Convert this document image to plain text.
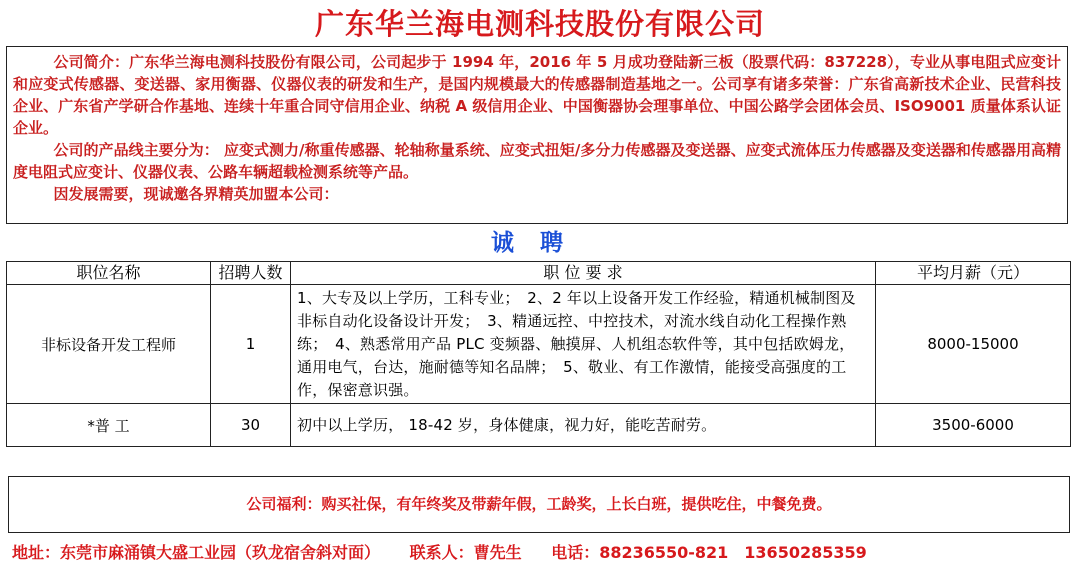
广东华兰海电测科技股份有限公司

公司简介：广东华兰海电测科技股份有限公司，公司起步于 1994 年，2016 年 5 月成功登陆新三板（股票代码：837228），专业从事电阻式应变计和应变式传感器、变送器、家用衡器、仪器仪表的研发和生产，是国内规模最大的传感器制造基地之一。公司享有诸多荣誉：广东省高新技术企业、民营科技企业、广东省产学研合作基地、连续十年重合同守信用企业、纳税 A 级信用企业、中国衡器协会理事单位、中国公路学会团体会员、ISO9001 质量体系认证企业。

公司的产品线主要分为： 应变式测力/称重传感器、轮轴称量系统、应变式扭矩/多分力传感器及变送器、应变式流体压力传感器及变送器和传感器用高精度电阻式应变计、仪器仪表、公路车辆超载检测系统等产品。

因发展需要，现诚邀各界精英加盟本公司：

诚聘
职位名称	招聘人数	职 位 要 求	平均月薪（元）
非标设备开发工程师	1	1、大专及以上学历，工科专业；　2、2 年以上设备开发工作经验，精通机械制图及非标自动化设备设计开发；　3、精通远控、中控技术，对流水线自动化工程操作熟练；　4、熟悉常用产品 PLC 变频器、触摸屏、人机组态软件等，其中包括欧姆龙，通用电气，台达，施耐德等知名品牌；　5、敬业、有工作激情，能接受高强度的工作，保密意识强。	8000-15000
*普 工	30	初中以上学历， 18-42 岁，身体健康，视力好，能吃苦耐劳。	3500-6000
公司福利：购买社保，有年终奖及带薪年假，工龄奖，上长白班，提供吃住，中餐免费。
地址：东莞市麻涌镇大盛工业园（玖龙宿舍斜对面） 联系人：曹先生 电话：88236550-821　13650285359
